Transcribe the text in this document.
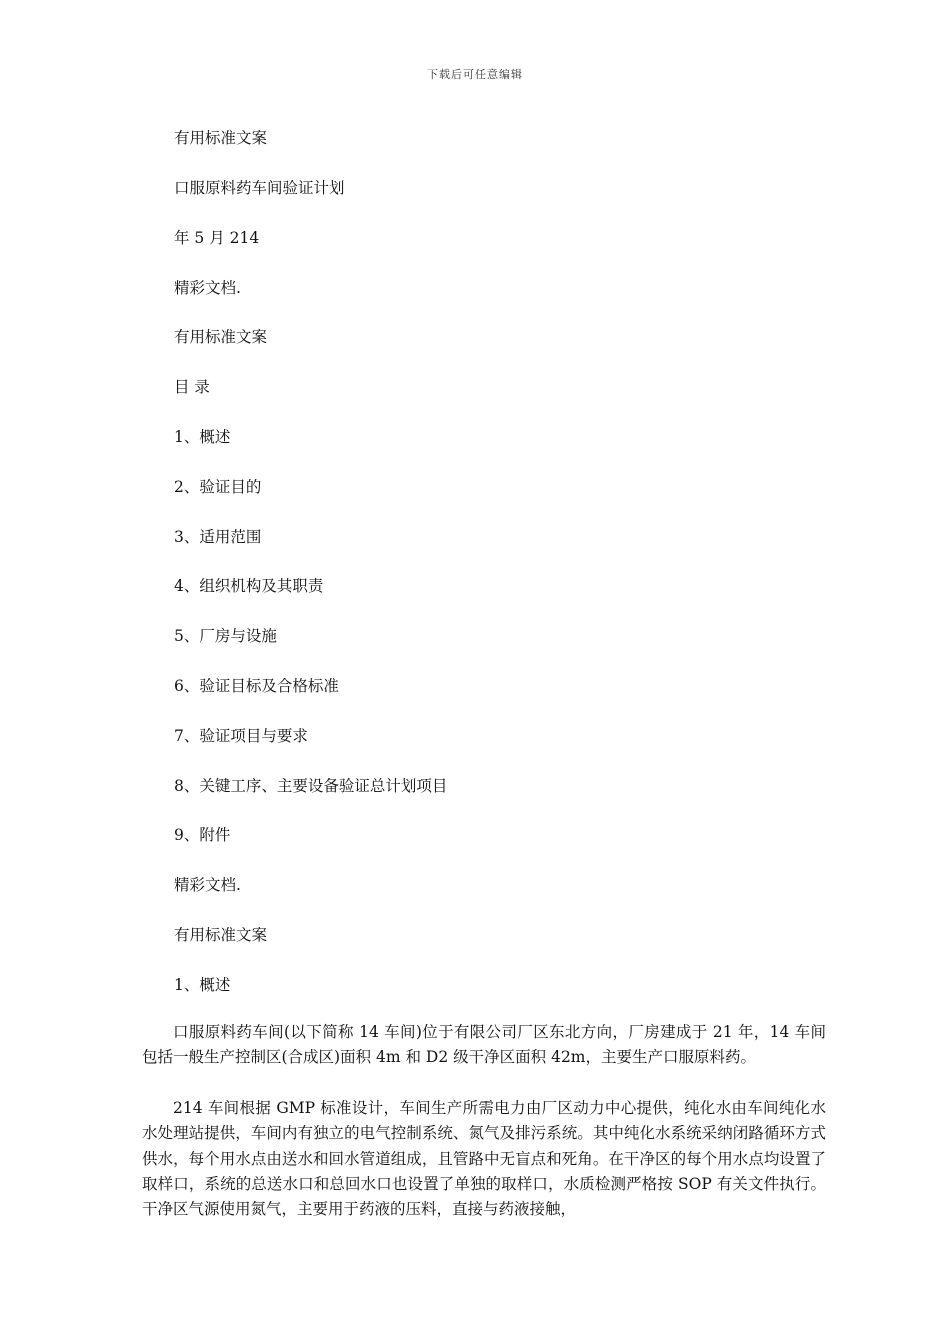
下载后可任意编辑
有用标准文案
口服原料药车间验证计划
年 5 月 214
精彩文档.
有用标准文案
目 录
1、概述
2、验证目的
3、适用范围
4、组织机构及其职责
5、厂房与设施
6、验证目标及合格标准
7、验证项目与要求
8、关键工序、主要设备验证总计划项目
9、附件
精彩文档.
有用标准文案
1、概述
口服原料药车间(以下简称 14 车间)位于有限公司厂区东北方向，厂房建成于 21 年，14 车间包括一般生产控制区(合成区)面积 4m 和 D2 级干净区面积 42m，主要生产口服原料药。
214 车间根据 GMP 标准设计，车间生产所需电力由厂区动力中心提供，纯化水由车间纯化水水处理站提供，车间内有独立的电气控制系统、氮气及排污系统。其中纯化水系统采纳闭路循环方式供水，每个用水点由送水和回水管道组成，且管路中无盲点和死角。在干净区的每个用水点均设置了取样口，系统的总送水口和总回水口也设置了单独的取样口，水质检测严格按 SOP 有关文件执行。干净区气源使用氮气，主要用于药液的压料，直接与药液接触，
